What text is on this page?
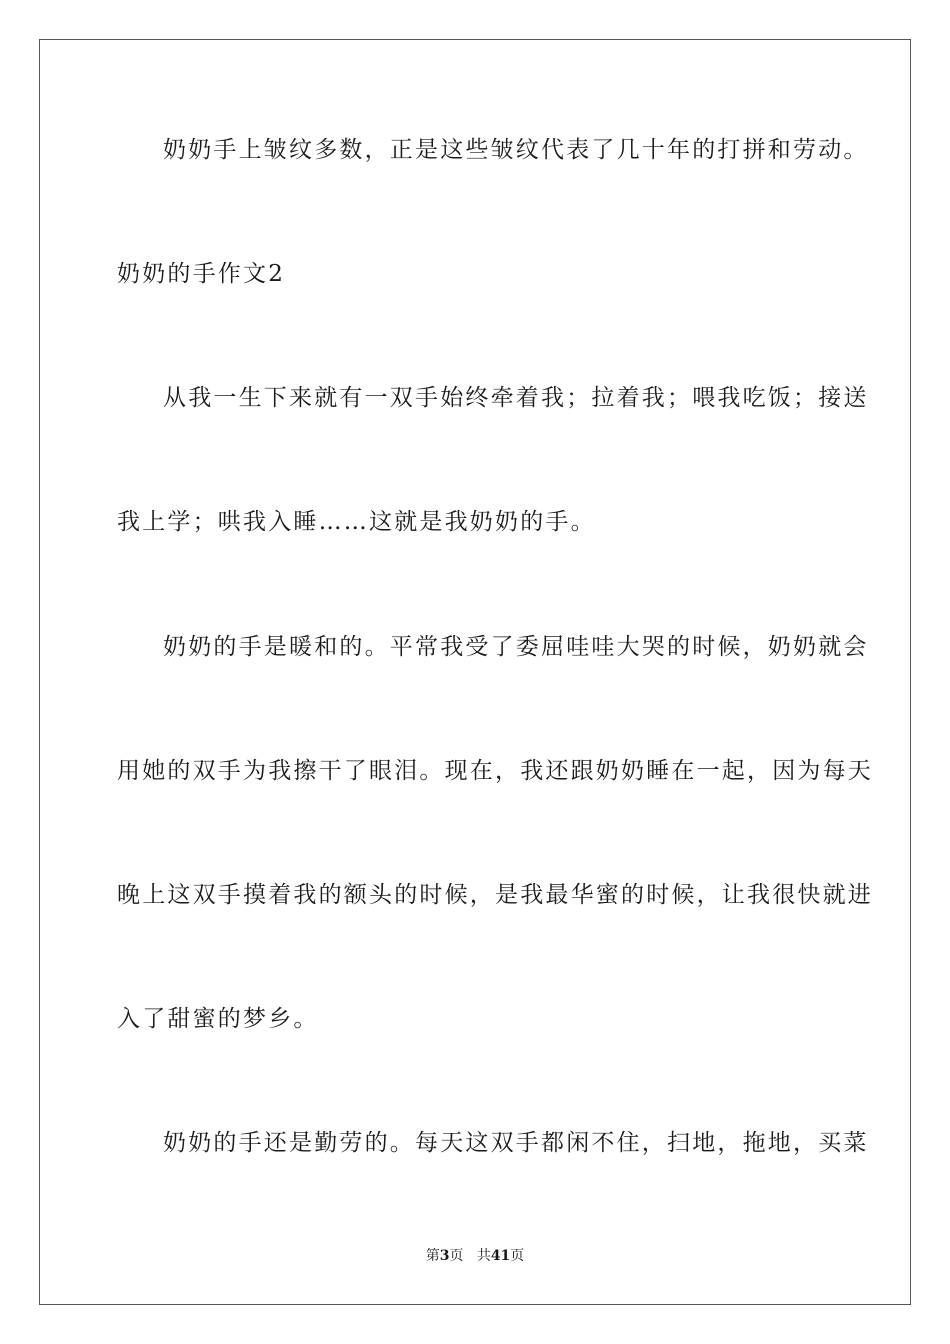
奶奶手上皱纹多数，正是这些皱纹代表了几十年的打拼和劳动。
奶奶的手作文2
从我一生下来就有一双手始终牵着我；拉着我；喂我吃饭；接送
我上学；哄我入睡……这就是我奶奶的手。
奶奶的手是暖和的。平常我受了委屈哇哇大哭的时候，奶奶就会
用她的双手为我擦干了眼泪。现在，我还跟奶奶睡在一起，因为每天
晚上这双手摸着我的额头的时候，是我最华蜜的时候，让我很快就进
入了甜蜜的梦乡。
奶奶的手还是勤劳的。每天这双手都闲不住，扫地，拖地，买菜
第3页 共41页
